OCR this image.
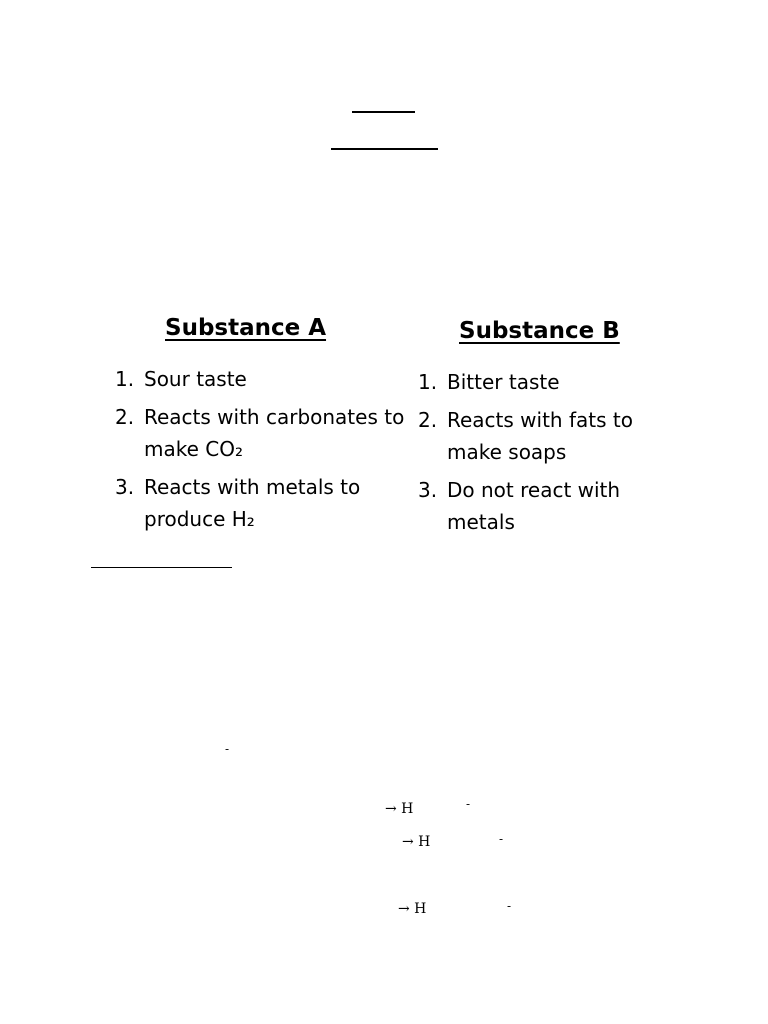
Substance A
1. Sour taste
2. Reacts with carbonates to make CO₂
3. Reacts with metals to produce H₂
Substance B
1. Bitter taste
2. Reacts with fats to make soaps
3. Do not react with metals
-
→ H	-
→ H	-
→ H	-
